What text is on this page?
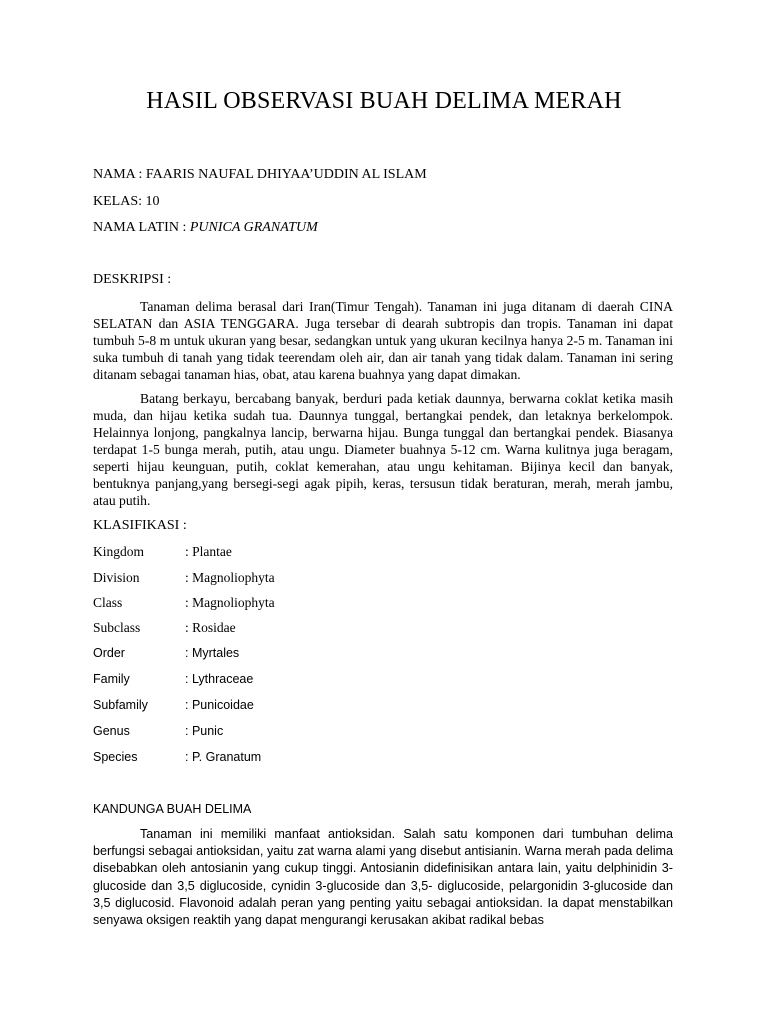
HASIL OBSERVASI BUAH DELIMA MERAH
NAMA : FAARIS NAUFAL DHIYAA’UDDIN AL ISLAM
KELAS: 10
NAMA LATIN : PUNICA GRANATUM
DESKRIPSI :
Tanaman delima berasal dari Iran(Timur Tengah). Tanaman ini juga ditanam di daerah CINA SELATAN dan ASIA TENGGARA. Juga tersebar di dearah subtropis dan tropis. Tanaman ini dapat tumbuh 5-8 m untuk ukuran yang besar, sedangkan untuk yang ukuran kecilnya hanya 2-5 m. Tanaman ini suka tumbuh di tanah yang tidak teerendam oleh air, dan air tanah yang tidak dalam. Tanaman ini sering ditanam sebagai tanaman hias, obat, atau karena buahnya yang dapat dimakan.
Batang berkayu, bercabang banyak, berduri pada ketiak daunnya, berwarna coklat ketika masih muda, dan hijau ketika sudah tua. Daunnya tunggal, bertangkai pendek, dan letaknya berkelompok. Helainnya lonjong, pangkalnya lancip, berwarna hijau. Bunga tunggal dan bertangkai pendek. Biasanya terdapat 1-5 bunga merah, putih, atau ungu. Diameter buahnya 5-12 cm. Warna kulitnya juga beragam, seperti hijau keunguan, putih, coklat kemerahan, atau ungu kehitaman. Bijinya kecil dan banyak, bentuknya panjang,yang bersegi-segi agak pipih, keras, tersusun tidak beraturan, merah, merah jambu, atau putih.
KLASIFIKASI :
Kingdom	: Plantae
Division	: Magnoliophyta
Class	: Magnoliophyta
Subclass	: Rosidae
Order	: Myrtales
Family	: Lythraceae
Subfamily	: Punicoidae
Genus	: Punic
Species	: P. Granatum
KANDUNGA BUAH DELIMA
Tanaman ini memiliki manfaat antioksidan. Salah satu komponen dari tumbuhan delima berfungsi sebagai antioksidan, yaitu zat warna alami yang disebut antisianin. Warna merah pada delima disebabkan oleh antosianin yang cukup tinggi. Antosianin didefinisikan antara lain, yaitu delphinidin 3-glucoside dan 3,5 diglucoside, cynidin 3-glucoside dan 3,5- diglucoside, pelargonidin 3-glucoside dan 3,5 diglucosid. Flavonoid adalah peran yang penting yaitu sebagai antioksidan. Ia dapat menstabilkan senyawa oksigen reaktih yang dapat mengurangi kerusakan akibat radikal bebas
